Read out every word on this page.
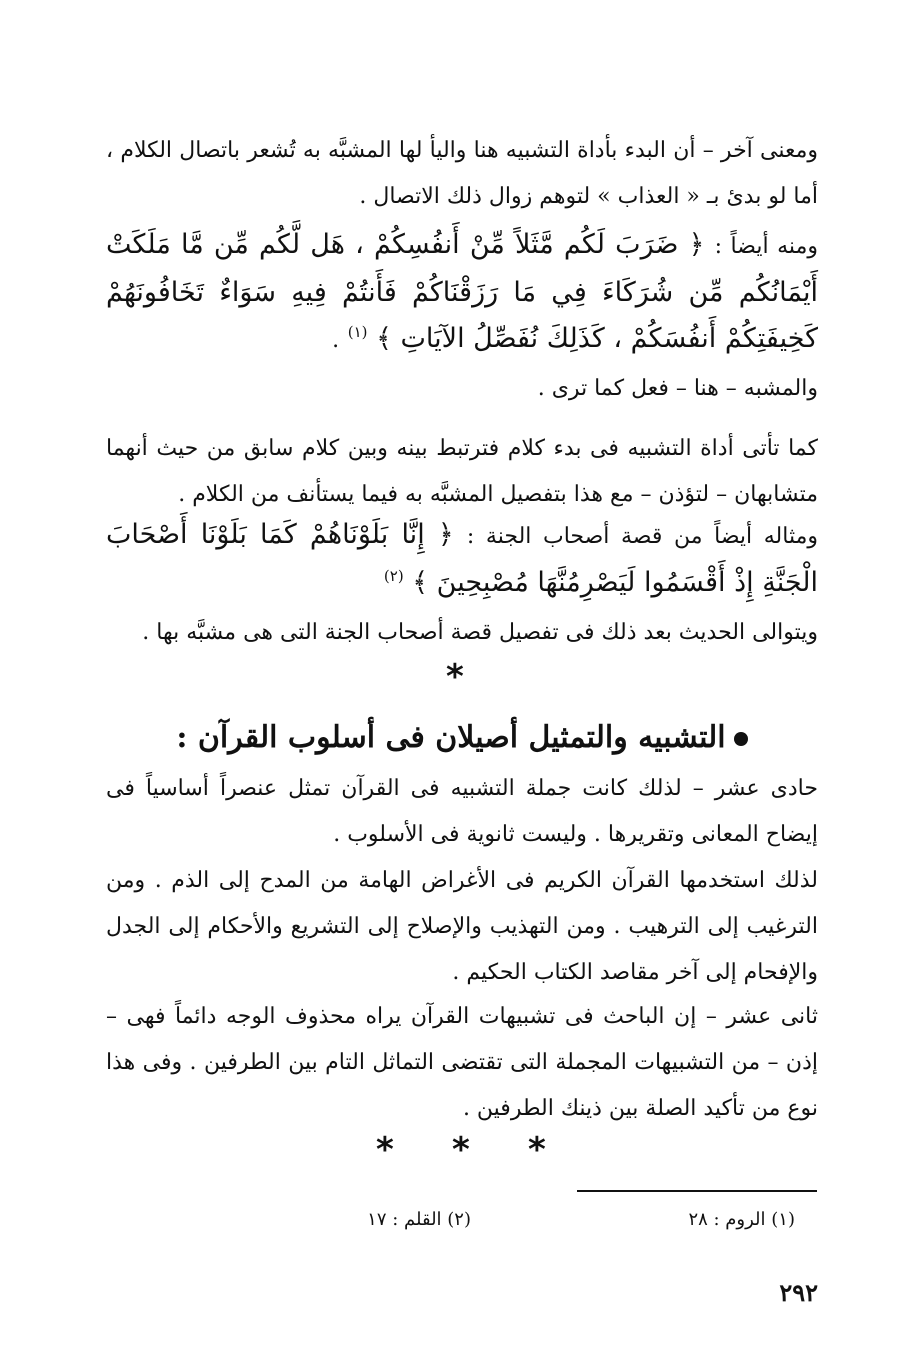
ومعنى آخر – أن البدء بأداة التشبيه هنا واليأ لها المشبَّه به تُشعر باتصال الكلام ، أما لو بدئ بـ « العذاب » لتوهم زوال ذلك الاتصال .

ومنه أيضاً : ﴿ ضَرَبَ لَكُم مَّثَلاً مِّنْ أَنفُسِكُمْ ، هَل لَّكُم مِّن مَّا مَلَكَتْ أَيْمَانُكُم مِّن شُرَكَاءَ فِي مَا رَزَقْنَاكُمْ فَأَنتُمْ فِيهِ سَوَاءٌ تَخَافُونَهُمْ كَخِيفَتِكُمْ أَنفُسَكُمْ ، كَذَلِكَ نُفَصِّلُ الآيَاتِ ﴾ $^{(١)}$ .

والمشبه – هنا – فعل كما ترى .

كما تأتى أداة التشبيه فى بدء كلام فترتبط بينه وبين كلام سابق من حيث أنهما متشابهان – لتؤذن – مع هذا بتفصيل المشبَّه به فيما يستأنف من الكلام .

ومثاله أيضاً من قصة أصحاب الجنة : ﴿ إِنَّا بَلَوْنَاهُمْ كَمَا بَلَوْنَا أَصْحَابَ الْجَنَّةِ إِذْ أَقْسَمُوا لَيَصْرِمُنَّهَا مُصْبِحِينَ ﴾ $^{(٢)}$

ويتوالى الحديث بعد ذلك فى تفصيل قصة أصحاب الجنة التى هى مشبَّه بها .

*
التشبيه والتمثيل أصيلان فى أسلوب القرآن :

حادى عشر – لذلك كانت جملة التشبيه فى القرآن تمثل عنصراً أساسياً فى إيضاح المعانى وتقريرها . وليست ثانوية فى الأسلوب .

لذلك استخدمها القرآن الكريم فى الأغراض الهامة من المدح إلى الذم . ومن الترغيب إلى الترهيب . ومن التهذيب والإصلاح إلى التشريع والأحكام إلى الجدل والإفحام إلى آخر مقاصد الكتاب الحكيم .

ثانى عشر – إن الباحث فى تشبيهات القرآن يراه محذوف الوجه دائماً فهى – إذن – من التشبيهات المجملة التى تقتضى التماثل التام بين الطرفين . وفى هذا نوع من تأكيد الصلة بين ذينك الطرفين .

* * *
(١) الروم : ٢٨
(٢) القلم : ١٧
٢٩٢
